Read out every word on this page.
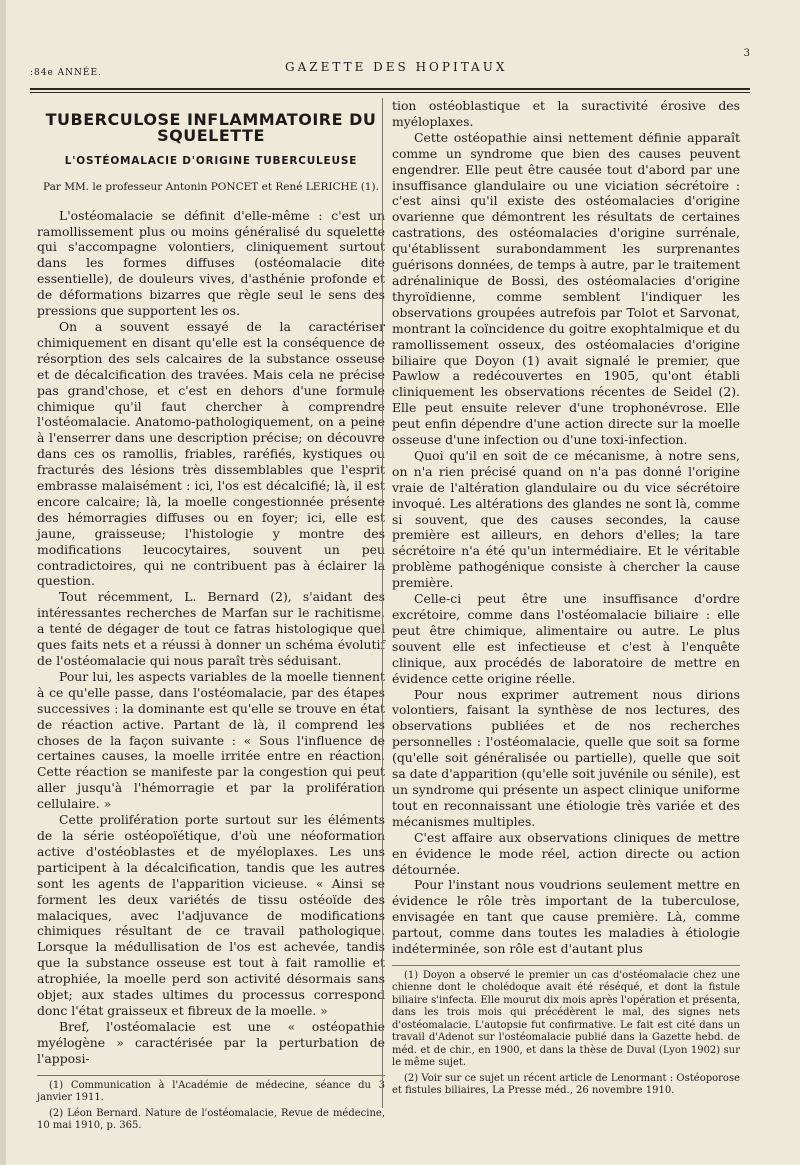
:84e ANNÉE.	GAZETTE DES HOPITAUX
3
TUBERCULOSE INFLAMMATOIRE DU SQUELETTE
L'OSTÉOMALACIE D'ORIGINE TUBERCULEUSE
Par MM. le professeur Antonin PONCET et René LERICHE (1).

L'ostéomalacie se définit d'elle-même : c'est un ramollissement plus ou moins généralisé du squelette qui s'accompagne volontiers, cliniquement surtout dans les formes diffuses (ostéomalacie dite essentielle), de douleurs vives, d'asthénie profonde et de déformations bizarres que règle seul le sens des pressions que supportent les os.

On a souvent essayé de la caractériser chimiquement en disant qu'elle est la conséquence de résorption des sels calcaires de la substance osseuse et de décalcification des travées. Mais cela ne précise pas grand'chose, et c'est en dehors d'une formule chimique qu'il faut chercher à comprendre l'ostéomalacie. Anatomo-pathologiquement, on a peine à l'enserrer dans une description précise; on découvre dans ces os ramollis, friables, raréfiés, kystiques ou fracturés des lésions très dissemblables que l'esprit embrasse malaisément : ici, l'os est décalcifié; là, il est encore calcaire; là, la moelle congestionnée présente des hémorragies diffuses ou en foyer; ici, elle est jaune, graisseuse; l'histologie y montre des modifications leucocytaires, souvent un peu contradictoires, qui ne contribuent pas à éclairer la question.

Tout récemment, L. Bernard (2), s'aidant des intéressantes recherches de Marfan sur le rachitisme, a tenté de dégager de tout ce fatras histologique quel ques faits nets et a réussi à donner un schéma évolutif de l'ostéomalacie qui nous paraît très séduisant.

Pour lui, les aspects variables de la moelle tiennent à ce qu'elle passe, dans l'ostéomalacie, par des étapes successives : la dominante est qu'elle se trouve en état de réaction active. Partant de là, il comprend les choses de la façon suivante : « Sous l'influence de certaines causes, la moelle irritée entre en réaction. Cette réaction se manifeste par la congestion qui peut aller jusqu'à l'hémorragie et par la prolifération cellulaire. »

Cette prolifération porte surtout sur les éléments de la série ostéopoïétique, d'où une néoformation active d'ostéoblastes et de myéloplaxes. Les uns participent à la décalcification, tandis que les autres sont les agents de l'apparition vicieuse. « Ainsi se forment les deux variétés de tissu ostéoïde des malaciques, avec l'adjuvance de modifications chimiques résultant de ce travail pathologique. Lorsque la médullisation de l'os est achevée, tandis que la substance osseuse est tout à fait ramollie et atrophiée, la moelle perd son activité désormais sans objet; aux stades ultimes du processus correspond donc l'état graisseux et fibreux de la moelle. »

Bref, l'ostéomalacie est une « ostéopathie myélogène » caractérisée par la perturbation de l'apposi-

(1) Communication à l'Académie de médecine, séance du 3 janvier 1911.

(2) Léon Bernard. Nature de l'ostéomalacie, Revue de médecine, 10 mai 1910, p. 365.

tion ostéoblastique et la suractivité érosive des myéloplaxes.

Cette ostéopathie ainsi nettement définie apparaît comme un syndrome que bien des causes peuvent engendrer. Elle peut être causée tout d'abord par une insuffisance glandulaire ou une viciation sécrétoire : c'est ainsi qu'il existe des ostéomalacies d'origine ovarienne que démontrent les résultats de certaines castrations, des ostéomalacies d'origine surrénale, qu'établissent surabondamment les surprenantes guérisons données, de temps à autre, par le traitement adrénalinique de Bossi, des ostéomalacies d'origine thyroïdienne, comme semblent l'indiquer les observations groupées autrefois par Tolot et Sarvonat, montrant la coïncidence du goitre exophtalmique et du ramollissement osseux, des ostéomalacies d'origine biliaire que Doyon (1) avait signalé le premier, que Pawlow a redécouvertes en 1905, qu'ont établi cliniquement les observations récentes de Seidel (2). Elle peut ensuite relever d'une trophonévrose. Elle peut enfin dépendre d'une action directe sur la moelle osseuse d'une infection ou d'une toxi-infection.

Quoi qu'il en soit de ce mécanisme, à notre sens, on n'a rien précisé quand on n'a pas donné l'origine vraie de l'altération glandulaire ou du vice sécrétoire invoqué. Les altérations des glandes ne sont là, comme si souvent, que des causes secondes, la cause première est ailleurs, en dehors d'elles; la tare sécrétoire n'a été qu'un intermédiaire. Et le véritable problème pathogénique consiste à chercher la cause première.

Celle-ci peut être une insuffisance d'ordre excrétoire, comme dans l'ostéomalacie biliaire : elle peut être chimique, alimentaire ou autre. Le plus souvent elle est infectieuse et c'est à l'enquête clinique, aux procédés de laboratoire de mettre en évidence cette origine réelle.

Pour nous exprimer autrement nous dirions volontiers, faisant la synthèse de nos lectures, des observations publiées et de nos recherches personnelles : l'ostéomalacie, quelle que soit sa forme (qu'elle soit généralisée ou partielle), quelle que soit sa date d'apparition (qu'elle soit juvénile ou sénile), est un syndrome qui présente un aspect clinique uniforme tout en reconnaissant une étiologie très variée et des mécanismes multiples.

C'est affaire aux observations cliniques de mettre en évidence le mode réel, action directe ou action détournée.

Pour l'instant nous voudrions seulement mettre en évidence le rôle très important de la tuberculose, envisagée en tant que cause première. Là, comme partout, comme dans toutes les maladies à étiologie indéterminée, son rôle est d'autant plus

(1) Doyon a observé le premier un cas d'ostéomalacie chez une chienne dont le cholédoque avait été réséqué, et dont la fistule biliaire s'infecta. Elle mourut dix mois après l'opération et présenta, dans les trois mois qui précédèrent le mal, des signes nets d'ostéomalacie. L'autopsie fut confirmative. Le fait est cité dans un travail d'Adenot sur l'ostéomalacie publié dans la Gazette hebd. de méd. et de chir., en 1900, et dans la thèse de Duval (Lyon 1902) sur le même sujet.

(2) Voir sur ce sujet un récent article de Lenormant : Ostéoporose et fistules biliaires, La Presse méd., 26 novembre 1910.
